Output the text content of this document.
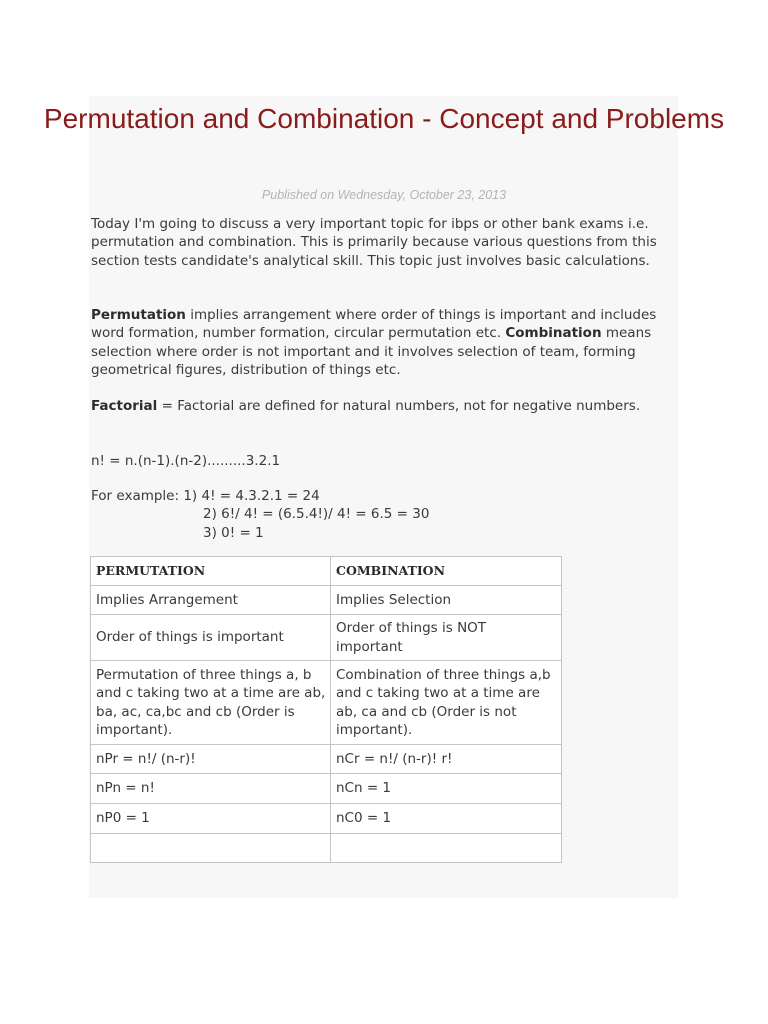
Permutation and Combination - Concept and Problems
Published on Wednesday, October 23, 2013

Today I'm going to discuss a very important topic for ibps or other bank exams i.e. permutation and combination. This is primarily because various questions from this section tests candidate's analytical skill. This topic just involves basic calculations.

Permutation implies arrangement where order of things is important and includes word formation, number formation, circular permutation etc. Combination means selection where order is not important and it involves selection of team, forming geometrical figures, distribution of things etc.

Factorial = Factorial are defined for natural numbers, not for negative numbers.

n! = n.(n-1).(n-2).........3.2.1

For example: 1) 4! = 4.3.2.1 = 24
2) 6!/ 4! = (6.5.4!)/ 4! = 6.5 = 30
3) 0! = 1
PERMUTATION	COMBINATION
Implies Arrangement	Implies Selection
Order of things is important	Order of things is NOT important
Permutation of three things a, b and c taking two at a time are ab, ba, ac, ca,bc and cb (Order is important).	Combination of three things a,b and c taking two at a time are ab, ca and cb (Order is not important).
nPr = n!/ (n-r)!	nCr = n!/ (n-r)! r!
nPn = n!	nCn = 1
nP0 = 1	nC0 = 1
